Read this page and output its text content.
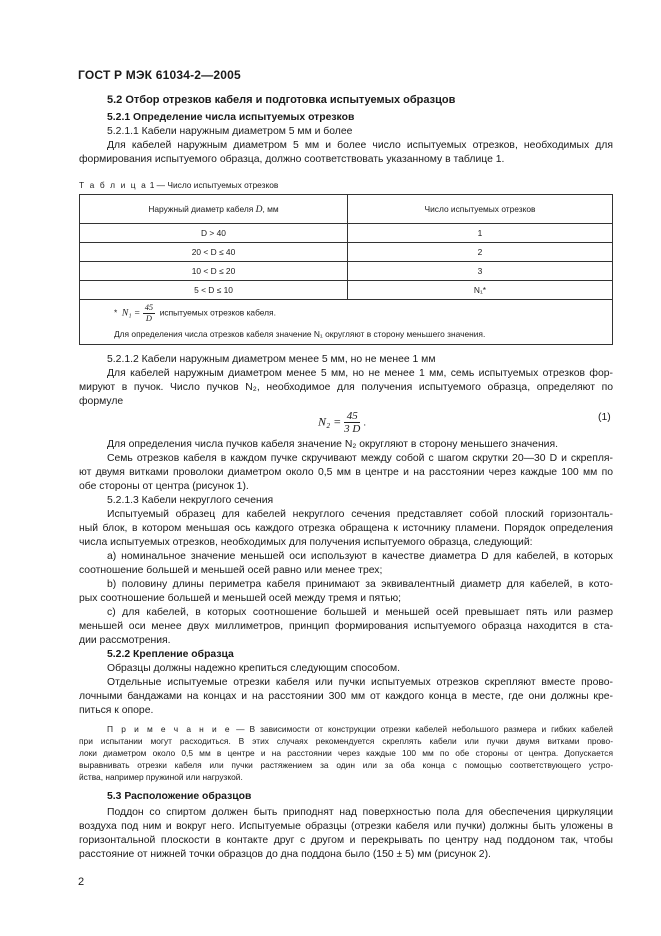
ГОСТ Р МЭК 61034-2—2005
5.2 Отбор отрезков кабеля и подготовка испытуемых образцов
5.2.1 Определение числа испытуемых отрезков
5.2.1.1 Кабели наружным диаметром 5 мм и более
Для кабелей наружным диаметром 5 мм и более число испытуемых отрезков, необходимых для
формирования испытуемого образца, должно соответствовать указанному в таблице 1.
Т а б л и ц а 1 — Число испытуемых отрезков
Наружный диаметр кабеля D, мм	Число испытуемых отрезков
D > 40	1
20 < D ≤ 40	2
10 < D ≤ 20	3
5 < D ≤ 10	N₁*

* $N_1 = \frac{45}{D}$ испытуемых отрезков кабеля.
Для определения числа отрезков кабеля значение N₁ округляют в сторону меньшего значения.	
5.2.1.2 Кабели наружным диаметром менее 5 мм, но не менее 1 мм
Для кабелей наружным диаметром менее 5 мм, но не менее 1 мм, семь испытуемых отрезков фор-
мируют в пучок. Число пучков N₂, необходимое для получения испытуемого образца, определяют по
формуле
$N_2 = \frac{45}{3 D}$ .	(1)
Для определения числа пучков кабеля значение N₂ округляют в сторону меньшего значения.
Семь отрезков кабеля в каждом пучке скручивают между собой с шагом скрутки 20—30 D и скрепля-
ют двумя витками проволоки диаметром около 0,5 мм в центре и на расстоянии через каждые 100 мм по
обе стороны от центра (рисунок 1).
5.2.1.3 Кабели некруглого сечения
Испытуемый образец для кабелей некруглого сечения представляет собой плоский горизонталь-
ный блок, в котором меньшая ось каждого отрезка обращена к источнику пламени. Порядок определения
числа испытуемых отрезков, необходимых для получения испытуемого образца, следующий:
a) номинальное значение меньшей оси используют в качестве диаметра D для кабелей, в которых
соотношение большей и меньшей осей равно или менее трех;
b) половину длины периметра кабеля принимают за эквивалентный диаметр для кабелей, в кото-
рых соотношение большей и меньшей осей между тремя и пятью;
c) для кабелей, в которых соотношение большей и меньшей осей превышает пять или размер
меньшей оси менее двух миллиметров, принцип формирования испытуемого образца находится в ста-
дии рассмотрения.
5.2.2 Крепление образца
Образцы должны надежно крепиться следующим способом.
Отдельные испытуемые отрезки кабеля или пучки испытуемых отрезков скрепляют вместе прово-
лочными бандажами на концах и на расстоянии 300 мм от каждого конца в месте, где они должны кре-
питься к опоре.
П р и м е ч а н и е — В зависимости от конструкции отрезки кабелей небольшого размера и гибких кабелей
при испытании могут расходиться. В этих случаях рекомендуется скреплять кабели или пучки двумя витками прово-
локи диаметром около 0,5 мм в центре и на расстоянии через каждые 100 мм по обе стороны от центра. Допускается
выравнивать отрезки кабеля или пучки растяжением за один или за оба конца с помощью соответствующего устро-
йства, например пружиной или нагрузкой.
5.3 Расположение образцов
Поддон со спиртом должен быть приподнят над поверхностью пола для обеспечения циркуляции
воздуха под ним и вокруг него. Испытуемые образцы (отрезки кабеля или пучки) должны быть уложены в
горизонтальной плоскости в контакте друг с другом и перекрывать по центру над поддоном так, чтобы
расстояние от нижней точки образцов до дна поддона было (150 ± 5) мм (рисунок 2).
2
